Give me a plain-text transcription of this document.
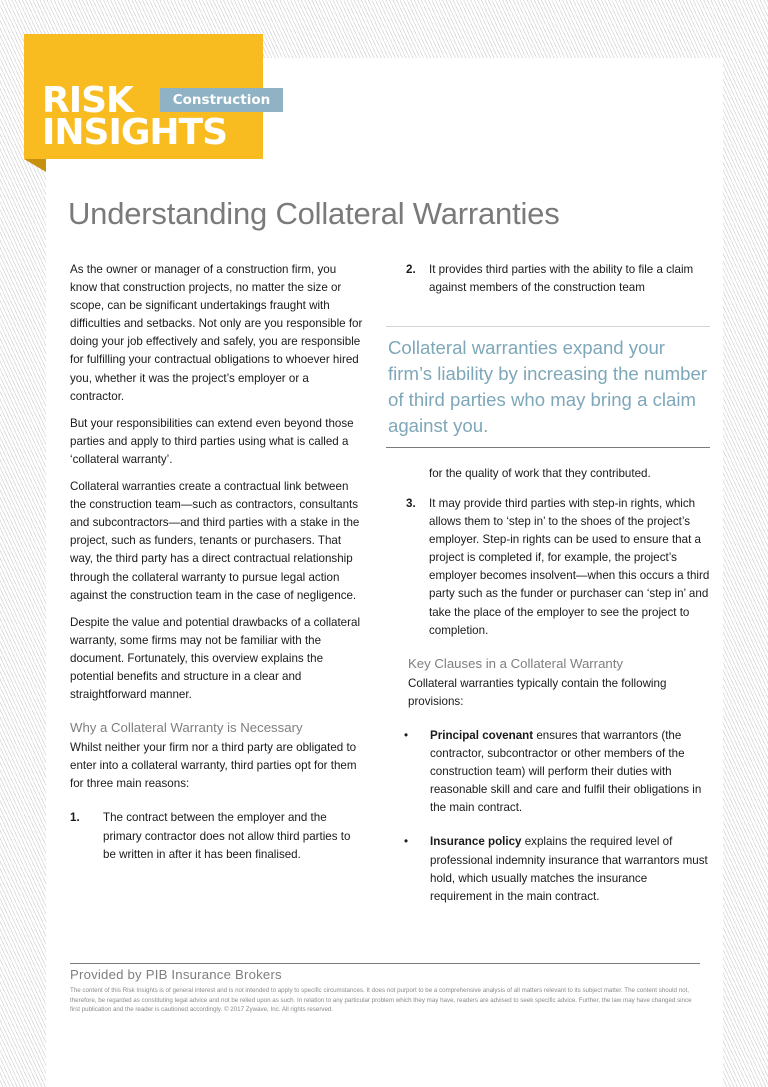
RISK
INSIGHTS
Construction
Understanding Collateral Warranties

As the owner or manager of a construction firm, you know that construction projects, no matter the size or scope, can be significant undertakings fraught with difficulties and setbacks. Not only are you responsible for doing your job effectively and safely, you are responsible for fulfilling your contractual obligations to whoever hired you, whether it was the project’s employer or a contractor.

But your responsibilities can extend even beyond those parties and apply to third parties using what is called a ‘collateral warranty’.

Collateral warranties create a contractual link between the construction team—such as contractors, consultants and subcontractors—and third parties with a stake in the project, such as funders, tenants or purchasers. That way, the third party has a direct contractual relationship through the collateral warranty to pursue legal action against the construction team in the case of negligence.

Despite the value and potential drawbacks of a collateral warranty, some firms may not be familiar with the document. Fortunately, this overview explains the potential benefits and structure in a clear and straightforward manner.

Why a Collateral Warranty is Necessary

Whilst neither your firm nor a third party are obligated to enter into a collateral warranty, third parties opt for them for three main reasons:

1. The contract between the employer and the primary contractor does not allow third parties to be written in after it has been finalised.
2. It provides third parties with the ability to file a claim against members of the construction team
Collateral warranties expand your firm’s liability by increasing the number of third parties who may bring a claim against you.
for the quality of work that they contributed.
3. It may provide third parties with step-in rights, which allows them to ‘step in’ to the shoes of the project’s employer. Step-in rights can be used to ensure that a project is completed if, for example, the project’s employer becomes insolvent—when this occurs a third party such as the funder or purchaser can ‘step in’ and take the place of the employer to see the project to completion.
Key Clauses in a Collateral Warranty

Collateral warranties typically contain the following provisions:

• Principal covenant ensures that warrantors (the contractor, subcontractor or other members of the construction team) will perform their duties with reasonable skill and care and fulfil their obligations in the main contract.
• Insurance policy explains the required level of professional indemnity insurance that warrantors must hold, which usually matches the insurance requirement in the main contract.
Provided by PIB Insurance Brokers
The content of this Risk Insights is of general interest and is not intended to apply to specific circumstances. It does not purport to be a comprehensive analysis of all matters relevant to its subject matter. The content should not, therefore, be regarded as constituting legal advice and not be relied upon as such. In relation to any particular problem which they may have, readers are advised to seek specific advice. Further, the law may have changed since first publication and the reader is cautioned accordingly. © 2017 Zywave, Inc. All rights reserved.
